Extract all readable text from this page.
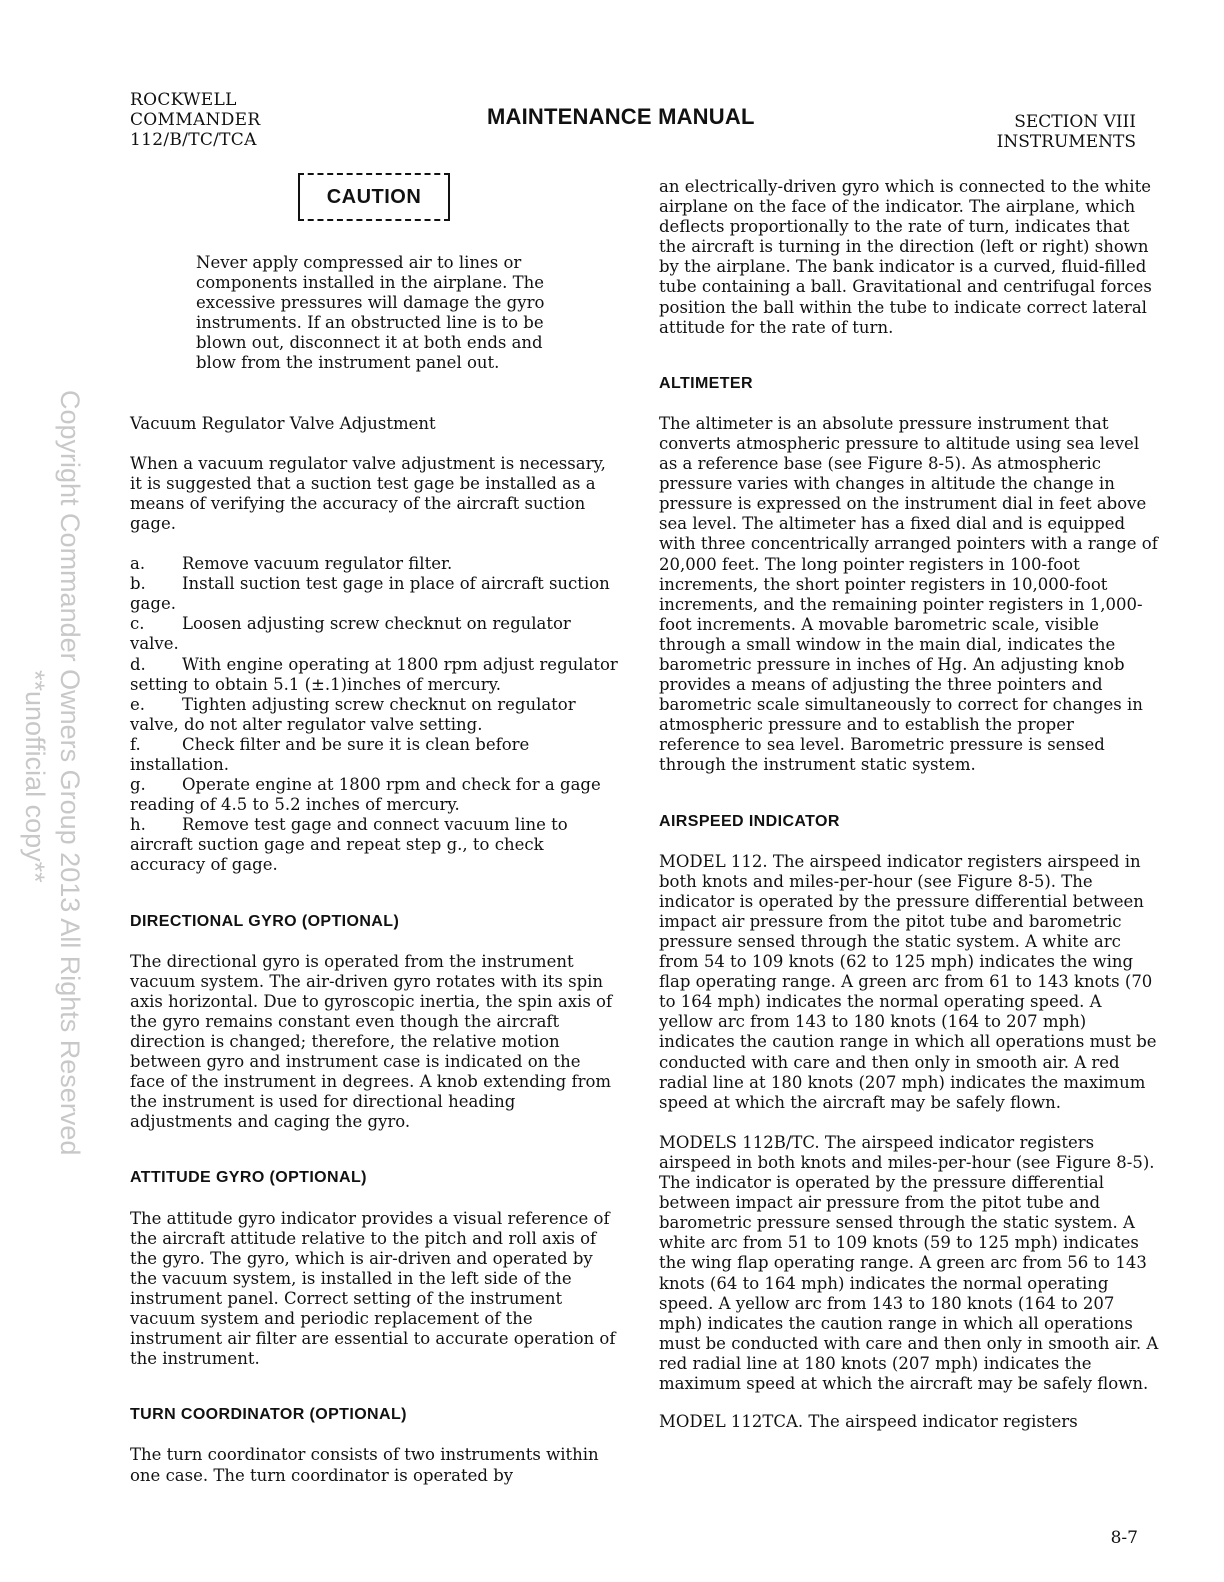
ROCKWELL
COMMANDER
112/B/TC/TCA
MAINTENANCE MANUAL	SECTION VIII
INSTRUMENTS
Copyright Commander Owners Group 2013 All Rights Reserved
**unofficial copy**
CAUTION

Never apply compressed air to lines or components installed in the airplane. The excessive pressures will damage the gyro instruments. If an obstructed line is to be blown out, disconnect it at both ends and blow from the instrument panel out.

Vacuum Regulator Valve Adjustment

When a vacuum regulator valve adjustment is necessary, it is suggested that a suction test gage be installed as a means of verifying the accuracy of the aircraft suction gage.

a. Remove vacuum regulator filter.
b. Install suction test gage in place of aircraft suction gage.
c. Loosen adjusting screw checknut on regulator valve.
d. With engine operating at 1800 rpm adjust regulator setting to obtain 5.1 (±.1)inches of mercury.
e. Tighten adjusting screw checknut on regulator valve, do not alter regulator valve setting.
f. Check filter and be sure it is clean before installation.
g. Operate engine at 1800 rpm and check for a gage reading of 4.5 to 5.2 inches of mercury.
h. Remove test gage and connect vacuum line to aircraft suction gage and repeat step g., to check accuracy of gage.

DIRECTIONAL GYRO (OPTIONAL)

The directional gyro is operated from the instrument vacuum system. The air-driven gyro rotates with its spin axis horizontal. Due to gyroscopic inertia, the spin axis of the gyro remains constant even though the aircraft direction is changed; therefore, the relative motion between gyro and instrument case is indicated on the face of the instrument in degrees. A knob extending from the instrument is used for directional heading adjustments and caging the gyro.

ATTITUDE GYRO (OPTIONAL)

The attitude gyro indicator provides a visual reference of the aircraft attitude relative to the pitch and roll axis of the gyro. The gyro, which is air-driven and operated by the vacuum system, is installed in the left side of the instrument panel. Correct setting of the instrument vacuum system and periodic replacement of the instrument air filter are essential to accurate operation of the instrument.

TURN COORDINATOR (OPTIONAL)

The turn coordinator consists of two instruments within one case. The turn coordinator is operated by

an electrically-driven gyro which is connected to the white airplane on the face of the indicator. The airplane, which deflects proportionally to the rate of turn, indicates that the aircraft is turning in the direction (left or right) shown by the airplane. The bank indicator is a curved, fluid-filled tube containing a ball. Gravitational and centrifugal forces position the ball within the tube to indicate correct lateral attitude for the rate of turn.

ALTIMETER

The altimeter is an absolute pressure instrument that converts atmospheric pressure to altitude using sea level as a reference base (see Figure 8-5). As atmospheric pressure varies with changes in altitude the change in pressure is expressed on the instrument dial in feet above sea level. The altimeter has a fixed dial and is equipped with three concentrically arranged pointers with a range of 20,000 feet. The long pointer registers in 100-foot increments, the short pointer registers in 10,000-foot increments, and the remaining pointer registers in 1,000-foot increments. A movable barometric scale, visible through a small window in the main dial, indicates the barometric pressure in inches of Hg. An adjusting knob provides a means of adjusting the three pointers and barometric scale simultaneously to correct for changes in atmospheric pressure and to establish the proper reference to sea level. Barometric pressure is sensed through the instrument static system.

AIRSPEED INDICATOR

MODEL 112. The airspeed indicator registers airspeed in both knots and miles-per-hour (see Figure 8-5). The indicator is operated by the pressure differential between impact air pressure from the pitot tube and barometric pressure sensed through the static system. A white arc from 54 to 109 knots (62 to 125 mph) indicates the wing flap operating range. A green arc from 61 to 143 knots (70 to 164 mph) indicates the normal operating speed. A yellow arc from 143 to 180 knots (164 to 207 mph) indicates the caution range in which all operations must be conducted with care and then only in smooth air. A red radial line at 180 knots (207 mph) indicates the maximum speed at which the aircraft may be safely flown.

MODELS 112B/TC. The airspeed indicator registers airspeed in both knots and miles-per-hour (see Figure 8-5). The indicator is operated by the pressure differential between impact air pressure from the pitot tube and barometric pressure sensed through the static system. A white arc from 51 to 109 knots (59 to 125 mph) indicates the wing flap operating range. A green arc from 56 to 143 knots (64 to 164 mph) indicates the normal operating speed. A yellow arc from 143 to 180 knots (164 to 207 mph) indicates the caution range in which all operations must be conducted with care and then only in smooth air. A red radial line at 180 knots (207 mph) indicates the maximum speed at which the aircraft may be safely flown.

MODEL 112TCA. The airspeed indicator registers

8-7
